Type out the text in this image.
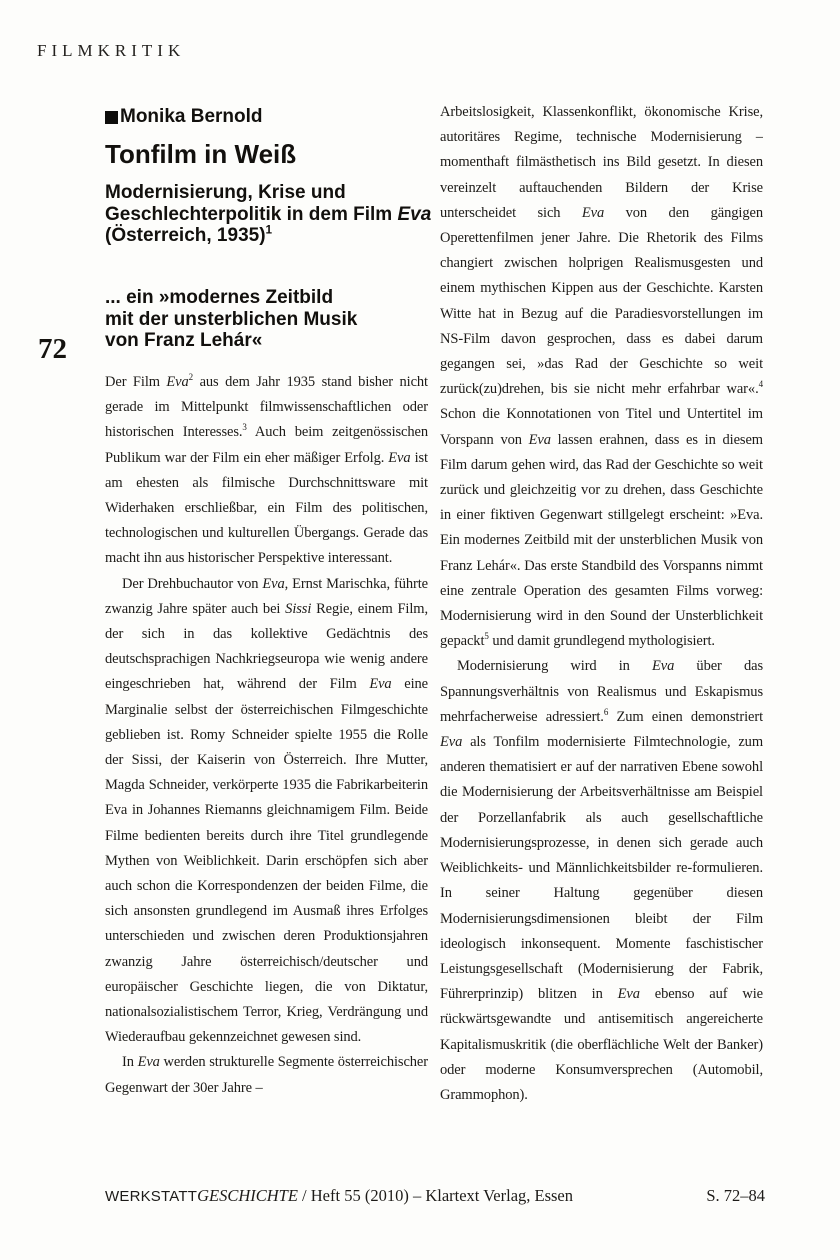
FILMKRITIK
72
Monika Bernold
Tonfilm in Weiß
Modernisierung, Krise und
Geschlechterpolitik in dem Film Eva
(Österreich, 1935)$^1$
... ein »modernes Zeitbild
mit der unsterblichen Musik
von Franz Lehár«
Der Film Eva$^2$ aus dem Jahr 1935 stand bisher nicht gerade im Mittelpunkt filmwissenschaftlichen oder historischen Interesses.$^3$ Auch beim zeitgenössischen Publikum war der Film ein eher mäßiger Erfolg. Eva ist am ehesten als filmische Durchschnittsware mit Widerhaken erschließbar, ein Film des politischen, technologischen und kulturellen Übergangs. Gerade das macht ihn aus historischer Perspektive interessant.
Der Drehbuchautor von Eva, Ernst Marischka, führte zwanzig Jahre später auch bei Sissi Regie, einem Film, der sich in das kollektive Gedächtnis des deutschsprachigen Nachkriegseuropa wie wenig andere eingeschrieben hat, während der Film Eva eine Marginalie selbst der österreichischen Filmgeschichte geblieben ist. Romy Schneider spielte 1955 die Rolle der Sissi, der Kaiserin von Österreich. Ihre Mutter, Magda Schneider, verkörperte 1935 die Fabrikarbeiterin Eva in Johannes Riemanns gleichnamigem Film. Beide Filme bedienten bereits durch ihre Titel grundlegende Mythen von Weiblichkeit. Darin erschöpfen sich aber auch schon die Korrespondenzen der beiden Filme, die sich ansonsten grundlegend im Ausmaß ihres Erfolges unterschieden und zwischen deren Produktionsjahren zwanzig Jahre österreichisch/deutscher und europäischer Geschichte liegen, die von Diktatur, nationalsozialistischem Terror, Krieg, Verdrängung und Wiederaufbau gekennzeichnet gewesen sind.
In Eva werden strukturelle Segmente österreichischer Gegenwart der 30er Jahre –
Arbeitslosigkeit, Klassenkonflikt, ökonomische Krise, autoritäres Regime, technische Modernisierung – momenthaft filmästhetisch ins Bild gesetzt. In diesen vereinzelt auftauchenden Bildern der Krise unterscheidet sich Eva von den gängigen Operettenfilmen jener Jahre. Die Rhetorik des Films changiert zwischen holprigen Realismusgesten und einem mythischen Kippen aus der Geschichte. Karsten Witte hat in Bezug auf die Paradiesvorstellungen im NS-Film davon gesprochen, dass es dabei darum gegangen sei, »das Rad der Geschichte so weit zurück(zu)drehen, bis sie nicht mehr erfahrbar war«.$^4$ Schon die Konnotationen von Titel und Untertitel im Vorspann von Eva lassen erahnen, dass es in diesem Film darum gehen wird, das Rad der Geschichte so weit zurück und gleichzeitig vor zu drehen, dass Geschichte in einer fiktiven Gegenwart stillgelegt erscheint: »Eva. Ein modernes Zeitbild mit der unsterblichen Musik von Franz Lehár«. Das erste Standbild des Vorspanns nimmt eine zentrale Operation des gesamten Films vorweg: Modernisierung wird in den Sound der Unsterblichkeit gepackt$^5$ und damit grundlegend mythologisiert.
Modernisierung wird in Eva über das Spannungsverhältnis von Realismus und Eskapismus mehrfacherweise adressiert.$^6$ Zum einen demonstriert Eva als Tonfilm modernisierte Filmtechnologie, zum anderen thematisiert er auf der narrativen Ebene sowohl die Modernisierung der Arbeitsverhältnisse am Beispiel der Porzellanfabrik als auch gesellschaftliche Modernisierungsprozesse, in denen sich gerade auch Weiblichkeits- und Männlichkeitsbilder re-formulieren. In seiner Haltung gegenüber diesen Modernisierungsdimensionen bleibt der Film ideologisch inkonsequent. Momente faschistischer Leistungsgesellschaft (Modernisierung der Fabrik, Führerprinzip) blitzen in Eva ebenso auf wie rückwärtsgewandte und antisemitisch angereicherte Kapitalismuskritik (die oberflächliche Welt der Banker) oder moderne Konsumversprechen (Automobil, Grammophon).
WERKSTATTGESCHICHTE / Heft 55 (2010) – Klartext Verlag, Essen	S. 72–84
